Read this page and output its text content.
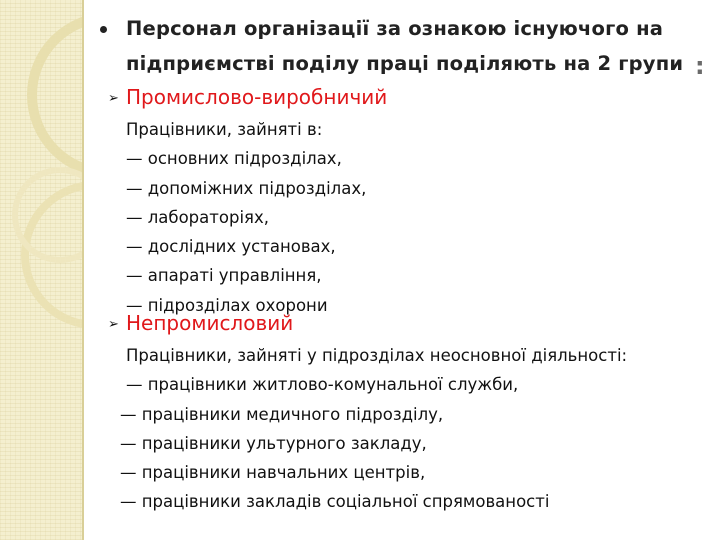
Персонал організації за ознакою існуючого на
підприємстві поділу праці поділяють на 2 групи :
➢ Промислово-виробничий
Працівники, зайняті в:
— основних підрозділах,
— допоміжних підрозділах,
— лабораторіях,
— дослідних установах,
— апараті управління,
— підрозділах охорони
➢ Непромисловий
Працівники, зайняті у підрозділах неосновної діяльності:
— працівники житлово-комунальної служби,
— працівники медичного підрозділу,
— працівники ультурного закладу,
— працівники навчальних центрів,
— працівники закладів соціальної спрямованості
